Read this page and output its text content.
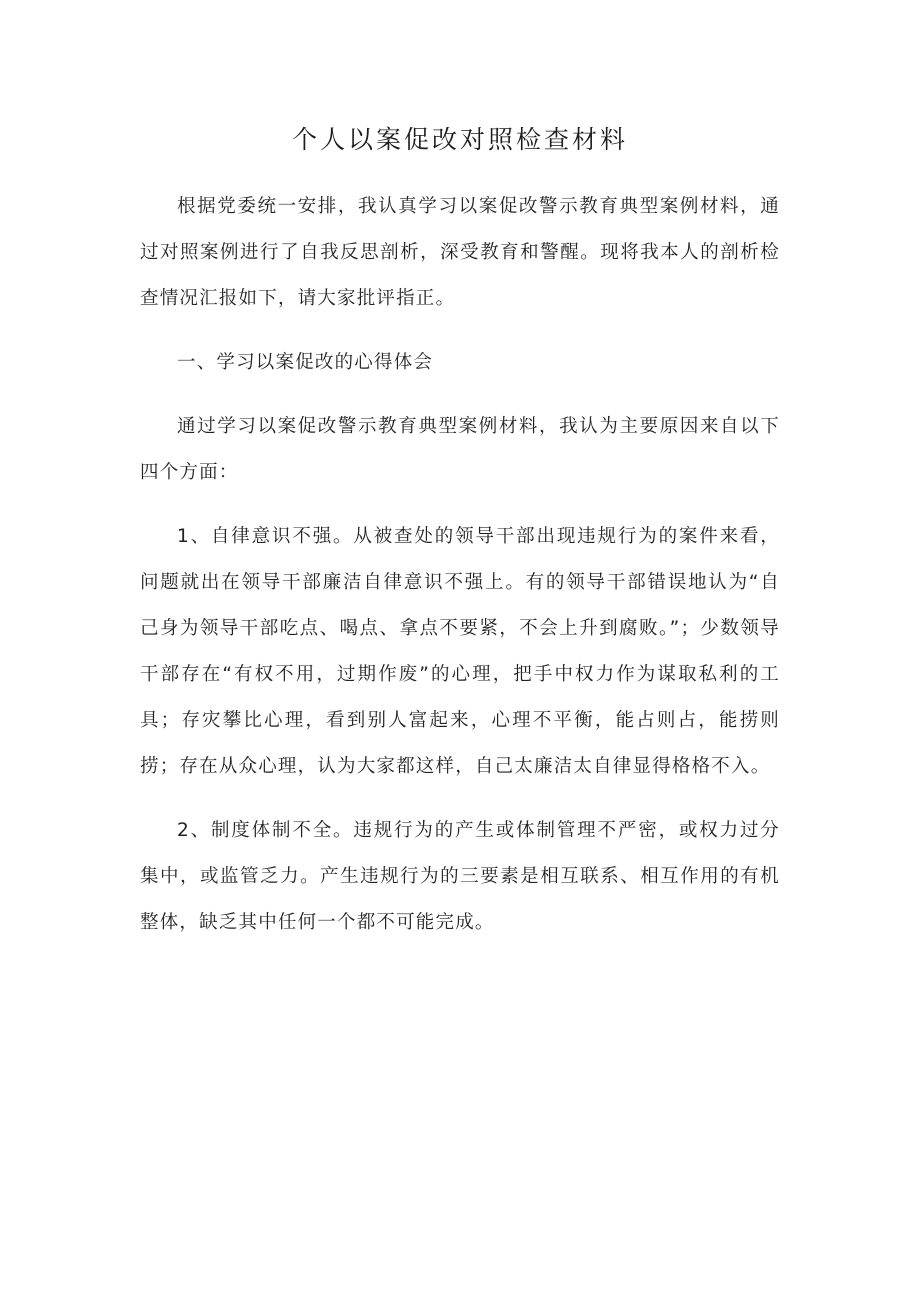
个人以案促改对照检查材料

根据党委统一安排，我认真学习以案促改警示教育典型案例材料，通过对照案例进行了自我反思剖析，深受教育和警醒。现将我本人的剖析检查情况汇报如下，请大家批评指正。

一、学习以案促改的心得体会

通过学习以案促改警示教育典型案例材料，我认为主要原因来自以下四个方面：

1、自律意识不强。从被查处的领导干部出现违规行为的案件来看，问题就出在领导干部廉洁自律意识不强上。有的领导干部错误地认为“自己身为领导干部吃点、喝点、拿点不要紧，不会上升到腐败。”；少数领导干部存在“有权不用，过期作废”的心理，把手中权力作为谋取私利的工具；存灾攀比心理，看到别人富起来，心理不平衡，能占则占，能捞则捞；存在从众心理，认为大家都这样，自己太廉洁太自律显得格格不入。

2、制度体制不全。违规行为的产生或体制管理不严密，或权力过分集中，或监管乏力。产生违规行为的三要素是相互联系、相互作用的有机整体，缺乏其中任何一个都不可能完成。
